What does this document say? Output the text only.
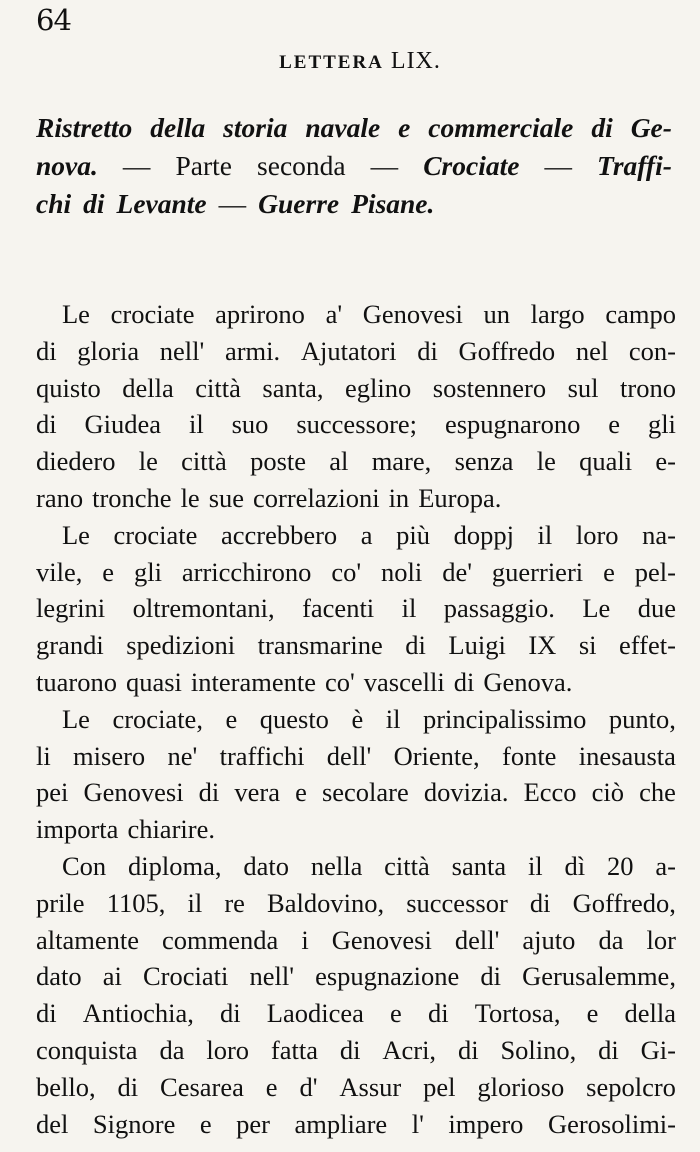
64
LETTERA LIX.
Ristretto della storia navale e commerciale di Ge-
nova. — Parte seconda — Crociate — Traffi-
chi di Levante — Guerre Pisane.
Le crociate aprirono a' Genovesi un largo campo
di gloria nell' armi. Ajutatori di Goffredo nel con-
quisto della città santa, eglino sostennero sul trono
di Giudea il suo successore; espugnarono e gli
diedero le città poste al mare, senza le quali e-
rano tronche le sue correlazioni in Europa.
Le crociate accrebbero a più doppj il loro na-
vile, e gli arricchirono co' noli de' guerrieri e pel-
legrini oltremontani, facenti il passaggio. Le due
grandi spedizioni transmarine di Luigi IX si effet-
tuarono quasi interamente co' vascelli di Genova.
Le crociate, e questo è il principalissimo punto,
li misero ne' traffichi dell' Oriente, fonte inesausta
pei Genovesi di vera e secolare dovizia. Ecco ciò che
importa chiarire.
Con diploma, dato nella città santa il dì 20 a-
prile 1105, il re Baldovino, successor di Goffredo,
altamente commenda i Genovesi dell' ajuto da lor
dato ai Crociati nell' espugnazione di Gerusalemme,
di Antiochia, di Laodicea e di Tortosa, e della
conquista da loro fatta di Acri, di Solino, di Gi-
bello, di Cesarea e d' Assur pel glorioso sepolcro
del Signore e per ampliare l' impero Gerosolimi-
